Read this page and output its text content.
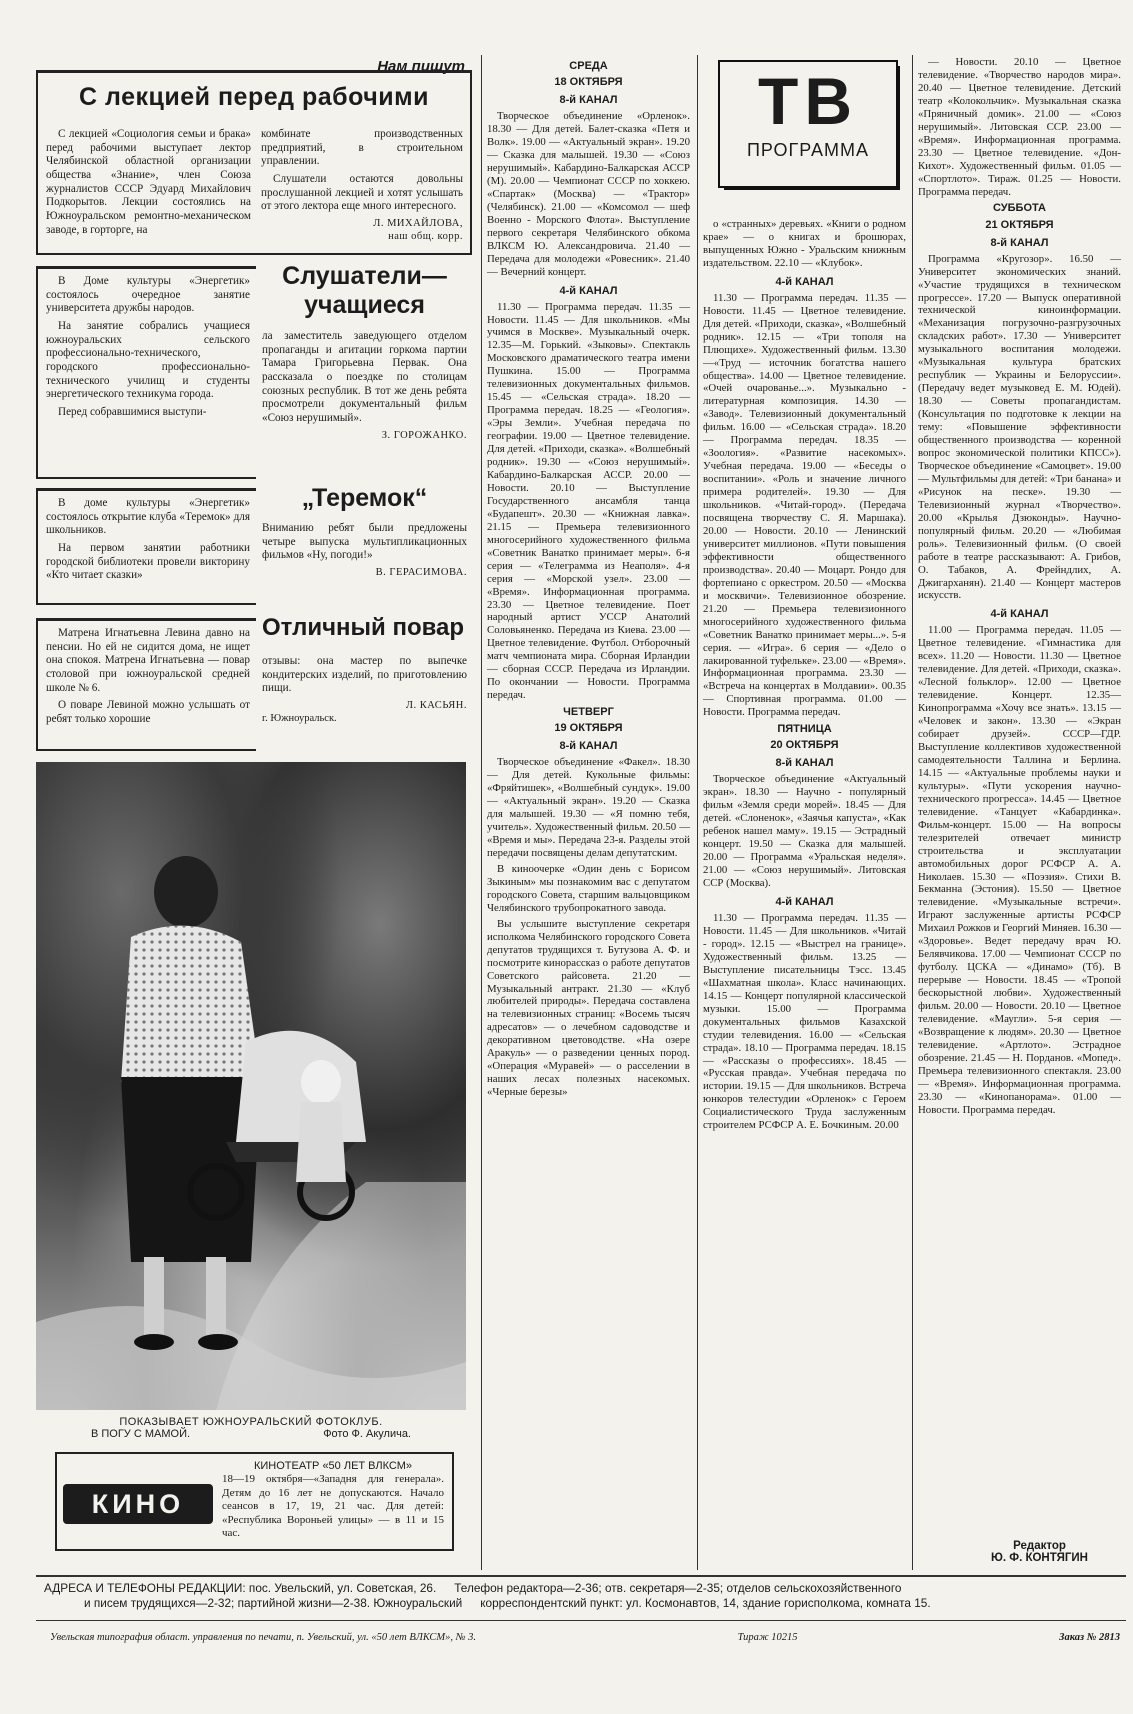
Нам пишут
С лекцией перед рабочими

С лекцией «Социология семьи и брака» перед рабочими выступает лектор Челябинской областной организации общества «Знание», член Союза журналистов СССР Эдуард Михайлович Подкорытов. Лекции состоялись на Южноуральском ремонтно-механическом заводе, в горторге, на

комбинате производственных предприятий, в строительном управлении.

Слушатели остаются довольны прослушанной лекцией и хотят услышать от этого лектора еще много интересного.

Л. МИХАЙЛОВА,
наш общ. корр.

В Доме культуры «Энергетик» состоялось очередное занятие университета дружбы народов.

На занятие собрались учащиеся южноуральских сельского профессионально-технического, городского профессионально-технического училищ и студенты энергетического техникума города.

Перед собравшимися выступи-

Слушатели— учащиеся

ла заместитель заведующего отделом пропаганды и агитации горкома партии Тамара Григорьевна Первак. Она рассказала о поездке по столицам союзных республик. В тот же день ребята просмотрели документальный фильм «Союз нерушимый».

З. ГОРОЖАНКО.

В доме культуры «Энергетик» состоялось открытие клуба «Теремок» для школьников.

На первом занятии работники городской библиотеки провели викторину «Кто читает сказки»

„Теремок“

Вниманию ребят были предложены четыре выпуска мультипликационных фильмов «Ну, погоди!»

В. ГЕРАСИМОВА.

Матрена Игнатьевна Левина давно на пенсии. Но ей не сидится дома, не ищет она спокоя. Матрена Игнатьевна — повар столовой при южноуральской средней школе № 6.

О поваре Левиной можно услышать от ребят только хорошие

Отличный повар

отзывы: она мастер по выпечке кондитерских изделий, по приготовлению пищи.

Л. КАСЬЯН.
г. Южноуральск.
ПОКАЗЫВАЕТ ЮЖНОУРАЛЬСКИЙ ФОТОКЛУБ.
В ПОГУ С МАМОЙ.	Фото Ф. Акулича.
КИНО
КИНОТЕАТР «50 ЛЕТ ВЛКСМ»
18—19 октября—«Западня для генерала». Детям до 16 лет не допускаются. Начало сеансов в 17, 19, 21 час. Для детей: «Республика Вороньей улицы» — в 11 и 15 час.
ТВ
ПРОГРАММА
СРЕДА
18 ОКТЯБРЯ
8-й КАНАЛ

Творческое объединение «Орленок». 18.30 — Для детей. Балет-сказка «Петя и Волк». 19.00 — «Актуальный экран». 19.20 — Сказка для малышей. 19.30 — «Союз нерушимый». Кабардино-Балкарская АССР (М). 20.00 — Чемпионат СССР по хоккею. «Спартак» (Москва) — «Трактор» (Челябинск). 21.00 — «Комсомол — шеф Военно - Морского Флота». Выступление первого секретаря Челябинского обкома ВЛКСМ Ю. Александровича. 21.40 — Передача для молодежи «Ровесник». 21.40 — Вечерний концерт.

4-й КАНАЛ

11.30 — Программа передач. 11.35 — Новости. 11.45 — Для школьников. «Мы учимся в Москве». Музыкальный очерк. 12.35—М. Горький. «Зыковы». Спектакль Московского драматического театра имени Пушкина. 15.00 — Программа телевизионных документальных фильмов. 15.45 — «Сельская страда». 18.20 — Программа передач. 18.25 — «Геология». «Эры Земли». Учебная передача по географии. 19.00 — Цветное телевидение. Для детей. «Приходи, сказка». «Волшебный родник». 19.30 — «Союз нерушимый». Кабардино-Балкарская АССР. 20.00 — Новости. 20.10 — Выступление Государственного ансамбля танца «Будапешт». 20.30 — «Книжная лавка». 21.15 — Премьера телевизионного многосерийного художественного фильма «Советник Ванатко принимает меры». 6-я серия — «Телеграмма из Неаполя». 4-я серия — «Морской узел». 23.00 — «Время». Информационная программа. 23.30 — Цветное телевидение. Поет народный артист УССР Анатолий Соловьяненко. Передача из Киева. 23.00 — Цветное телевидение. Футбол. Отборочный матч чемпионата мира. Сборная Ирландии — сборная СССР. Передача из Ирландии. По окончании — Новости. Программа передач.

ЧЕТВЕРГ
19 ОКТЯБРЯ
8-й КАНАЛ

Творческое объединение «Факел». 18.30 — Для детей. Кукольные фильмы: «Фряйтишек», «Волшебный сундук». 19.00 — «Актуальный экран». 19.20 — Сказка для малышей. 19.30 — «Я помню тебя, учитель». Художественный фильм. 20.50 — «Время и мы». Передача 23-я. Разделы этой передачи посвящены делам депутатским.

В киноочерке «Один день с Борисом Зыкиным» мы познакомим вас с депутатом городского Совета, старшим вальцовщиком Челябинского трубопрокатного завода.

Вы услышите выступление секретаря исполкома Челябинского городского Совета депутатов трудящихся т. Бутузова А. Ф. и посмотрите кинорассказ о работе депутатов Советского райсовета. 21.20 — Музыкальный антракт. 21.30 — «Клуб любителей природы». Передача составлена на телевизионных страниц: «Восемь тысяч адресатов» — о лечебном садоводстве и декоративном цветоводстве. «На озере Аракуль» — о разведении ценных пород. «Операция «Муравей» — о расселении в наших лесах полезных насекомых. «Черные березы»

о «странных» деревьях. «Книги о родном крае» — о книгах и брошюрах, выпущенных Южно - Уральским книжным издательством. 22.10 — «Клубок».

4-й КАНАЛ

11.30 — Программа передач. 11.35 — Новости. 11.45 — Цветное телевидение. Для детей. «Приходи, сказка», «Волшебный родник». 12.15 — «Три тополя на Плющихе». Художественный фильм. 13.30—«Труд — источник богатства нашего общества». 14.00 — Цветное телевидение. «Очей очарованье...». Музыкально - литературная композиция. 14.30 — «Завод». Телевизионный документальный фильм. 16.00 — «Сельская страда». 18.20 — Программа передач. 18.35 — «Зоология». «Развитие насекомых». Учебная передача. 19.00 — «Беседы о воспитании». «Роль и значение личного примера родителей». 19.30 — Для школьников. «Читай-город». (Передача посвящена творчеству С. Я. Маршака). 20.00 — Новости. 20.10 — Ленинский университет миллионов. «Пути повышения эффективности общественного производства». 20.40 — Моцарт. Рондо для фортепиано с оркестром. 20.50 — «Москва и москвичи». Телевизионное обозрение. 21.20 — Премьера телевизионного многосерийного художественного фильма «Советник Ванатко принимает меры...». 5-я серия. — «Игра». 6 серия — «Дело о лакированной туфельке». 23.00 — «Время». Информационная программа. 23.30 — «Встреча на концертах в Молдавии». 00.35 — Спортивная программа. 01.00 — Новости. Программа передач.

ПЯТНИЦА
20 ОКТЯБРЯ
8-й КАНАЛ

Творческое объединение «Актуальный экран». 18.30 — Научно - популярный фильм «Земля среди морей». 18.45 — Для детей. «Слоненок», «Заячья капуста», «Как ребенок нашел маму». 19.15 — Эстрадный концерт. 19.50 — Сказка для малышей. 20.00 — Программа «Уральская неделя». 21.00 — «Союз нерушимый». Литовская ССР (Москва).

4-й КАНАЛ

11.30 — Программа передач. 11.35 — Новости. 11.45 — Для школьников. «Читай - город». 12.15 — «Выстрел на границе». Художественный фильм. 13.25 — Выступление писательницы Тэсс. 13.45 «Шахматная школа». Класс начинающих. 14.15 — Концерт популярной классической музыки. 15.00 — Программа документальных фильмов Казахской студии телевидения. 16.00 — «Сельская страда». 18.10 — Программа передач. 18.15 — «Рассказы о профессиях». 18.45 — «Русская правда». Учебная передача по истории. 19.15 — Для школьников. Встреча юнкоров телестудии «Орленок» с Героем Социалистического Труда заслуженным строителем РСФСР А. Е. Бочкиным. 20.00

— Новости. 20.10 — Цветное телевидение. «Творчество народов мира». 20.40 — Цветное телевидение. Детский театр «Колокольчик». Музыкальная сказка «Пряничный домик». 21.00 — «Союз нерушимый». Литовская ССР. 23.00 — «Время». Информационная программа. 23.30 — Цветное телевидение. «Дон-Кихот». Художественный фильм. 01.05 — «Спортлото». Тираж. 01.25 — Новости. Программа передач.

СУББОТА
21 ОКТЯБРЯ
8-й КАНАЛ

Программа «Кругозор». 16.50 — Университет экономических знаний. «Участие трудящихся в техническом прогрессе». 17.20 — Выпуск оперативной технической киноинформации. «Механизация погрузочно-разгрузочных складских работ». 17.30 — Университет музыкального воспитания молодежи. «Музыкальная культура братских республик — Украины и Белоруссии». (Передачу ведет музыковед Е. М. Юдей). 18.30 — Советы пропагандистам. (Консультация по подготовке к лекции на тему: «Повышение эффективности общественного производства — коренной вопрос экономической политики КПСС»). Творческое объединение «Самоцвет». 19.00 — Мультфильмы для детей: «Три банана» и «Рисунок на песке». 19.30 — Телевизионный журнал «Творчество». 20.00 «Крылья Дзюконды». Научно-популярный фильм. 20.20 — «Любимая роль». Телевизионный фильм. (О своей работе в театре рассказывают: А. Грибов, О. Табаков, А. Фрейндлих, А. Джигарханян). 21.40 — Концерт мастеров искусств.

4-й КАНАЛ

11.00 — Программа передач. 11.05 — Цветное телевидение. «Гимнастика для всех». 11.20 — Новости. 11.30 — Цветное телевидение. Для детей. «Приходи, сказка». «Лесной foльклор». 12.00 — Цветное телевидение. Концерт. 12.35—Кинопрограмма «Хочу все знать». 13.15 — «Человек и закон». 13.30 — «Экран собирает друзей». СССР—ГДР. Выступление коллективов художественной самодеятельности Таллина и Берлина. 14.15 — «Актуальные проблемы науки и культуры». «Пути ускорения научно-технического прогресса». 14.45 — Цветное телевидение. «Танцует «Кабардинка». Фильм-концерт. 15.00 — На вопросы телезрителей отвечает министр строительства и эксплуатации автомобильных дорог РСФСР А. А. Николаев. 15.30 — «Поэзия». Стихи В. Бекманна (Эстония). 15.50 — Цветное телевидение. «Музыкальные встречи». Играют заслуженные артисты РСФСР Михаил Рожков и Георгий Миняев. 16.30 — «Здоровье». Ведет передачу врач Ю. Белявчикова. 17.00 — Чемпионат СССР по футболу. ЦСКА — «Динамо» (Тб). В перерыве — Новости. 18.45 — «Тропой бескорыстной любви». Художественный фильм. 20.00 — Новости. 20.10 — Цветное телевидение. «Маугли». 5-я серия — «Возвращение к людям». 20.30 — Цветное телевидение. «Артлото». Эстрадное обозрение. 21.45 — Н. Порданов. «Мопед». Премьера телевизионного спектакля. 23.00 — «Время». Информационная программа. 23.30 — «Кинопанорама». 01.00 — Новости. Программа передач.

Редактор
Ю. Ф. КОНТЯГИН
АДРЕСА И ТЕЛЕФОНЫ РЕДАКЦИИ: пос. Увельский, ул. Советская, 26. Телефон редактора—2-36; отв. секретаря—2-35; отделов сельскохозяйственного
и писем трудящихся—2-32; партийной жизни—2-38. Южноуральский корреспондентский пункт: ул. Космонавтов, 14, здание горисполкома, комната 15.
Увельская типография област. управления по печати, п. Увельский, ул. «50 лет ВЛКСМ», № 3.	Тираж 10215	Заказ № 2813
